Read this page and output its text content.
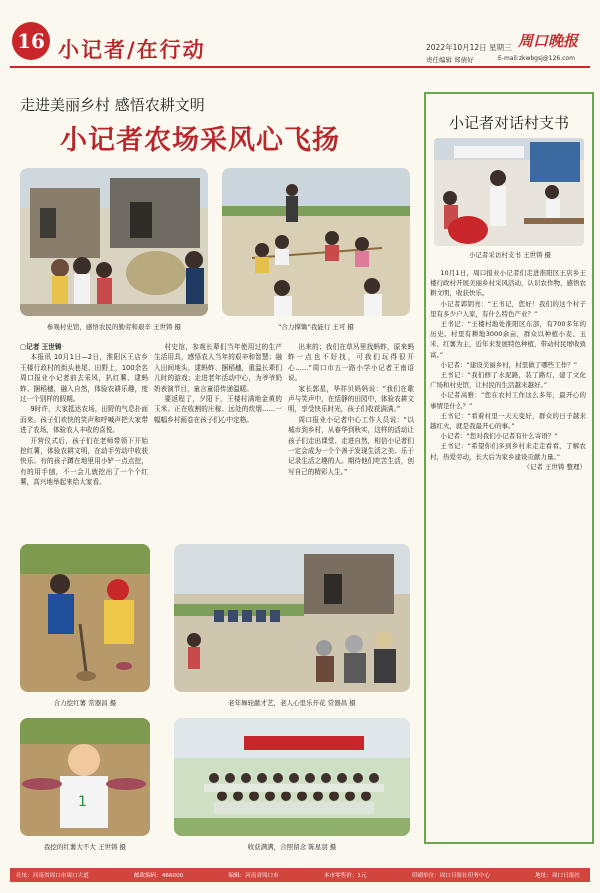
16 小记者/在行动	2022年10月12日 星期三
责任编辑 郑倩好
周口晚报
E-mail:zkwbgsj@126.com
走进美丽乡村 感悟农耕文明
小记者农场采风心飞扬
参观村史馆，感悟农民的勤劳和艰辛 王世铸 摄	“合力撑锄”我能行 王可 摄
▢记者 王世铸

本报讯 10月1日—2日，淮阳区王店乡王楼行政村的街头巷尾、田野上，100余名周口报业小记者前去采风，扒红薯、逮蚂蚱、捆稻穗，融入自然，体验农耕乐趣，度过一个别样的假期。

9时许，大家抵达农场，田野的气息扑面而来。孩子们欢快的笑声和呼喊声把大家带进了农场，体验农人丰收的喜悦。

开营仪式后，孩子们在老师带领下开始挖红薯，体验农耕文明，在动手劳动中收获快乐。有的孩子蹲在地里用小铲一点点挖，有的用手刨，不一会儿就挖出了一个个红薯，高兴地举起来给大家看。

村史馆，参观长辈们当年使用过的生产生活用具，感悟农人当年的艰辛和智慧；融入田间地头，逮蚂蚱、捆稻穗，重温长辈们儿时的游戏；走进老年活动中心，为爷爷奶奶表演节目，童言童语传递温暖。

要返程了，夕阳下，王楼村满地金黄的玉米、正在收割的庄稼、远处的炊烟……一幅幅乡村画卷在孩子们心中定格。

出来的；我们在草丛里找蚂蚱，原来蚂蚱一点也不好找，可我们玩得很开心……”周口市五一路小学小记者王南语说。

家长郭星，华祥贝妈妈说：“我们在歌声与笑声中，在恬静的田园中，体验农耕文明，享受快乐时光，孩子们收获满满。”

周口报业小记者中心工作人员说：“以城市到乡村，从春华到秋实，这样的活动让孩子们走出课堂、走进自然，相信小记者们一定会成为一个个善于发现生活之美、乐于记录生活之趣的人。期待他们吃苦生活，创写自己的精彩人生。”

合力挖红薯 常器昌 摄	老年舞轮献才艺，老人心里乐开花 常器昌 摄
1
我挖的红薯大不大 王世铸 摄	收获满满，合照留念 陈星羽 摄
小记者对话村支书
小记者采访村支书 王世铸 摄

10月1日，周口报业小记者们走进淮阳区王店乡王楼行政村开展美丽乡村采风活动，认识农作物，感悟农耕文明，收获快乐。

小记者郭钥亮：“王书记，您好！我们的这个村子里有多少户人家，有什么特色产业？”

王书记：“王楼村地处淮阳区东部，有700多年的历史。村里有耕地3000余亩，群众以种植小麦、玉米、红薯为主，近年来发展特色种植，带动村民增收致富。”

小记者：“建设美丽乡村，村里做了哪些工作？”

王书记：“我们修了水泥路，装了路灯，建了文化广场和村史馆，让村民的生活越来越好。”

小记者高雅：“您在农村工作这么多年，最开心的事情是什么？”

王书记：“看着村里一天天变好，群众的日子越来越红火，就是我最开心的事。”

小记者：“您对我们小记者有什么寄语？”

王书记：“希望你们多到乡村来走走看看，了解农村，热爱劳动，长大后为家乡建设贡献力量。”

（记者 王世铸 整理）

社址：河南省周口市周口大道	邮政编码：466000	编辑：河南省周口市	本市零售价：1元	印刷单位：周口日报社印务中心	地址：周口日报社
